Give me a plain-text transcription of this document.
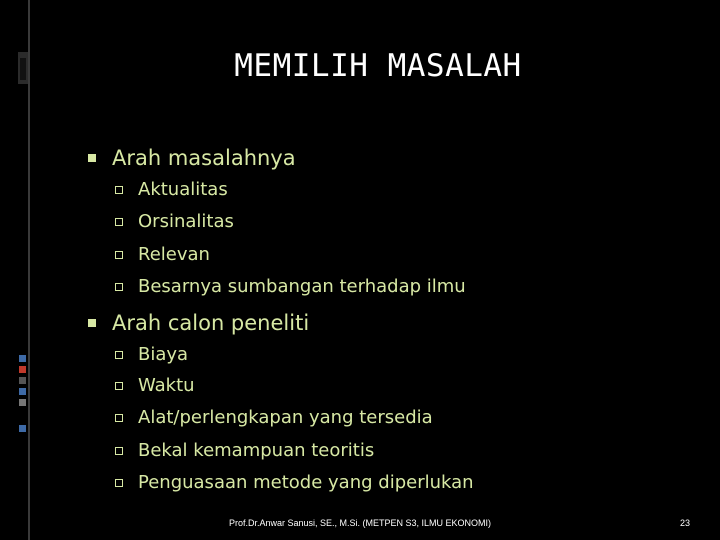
MEMILIH MASALAH
Arah masalahnya
Aktualitas
Orsinalitas
Relevan
Besarnya sumbangan terhadap ilmu
Arah calon peneliti
Biaya
Waktu
Alat/perlengkapan yang tersedia
Bekal kemampuan teoritis
Penguasaan metode yang diperlukan
Prof.Dr.Anwar Sanusi, SE., M.Si. (METPEN S3, ILMU EKONOMI)	23
